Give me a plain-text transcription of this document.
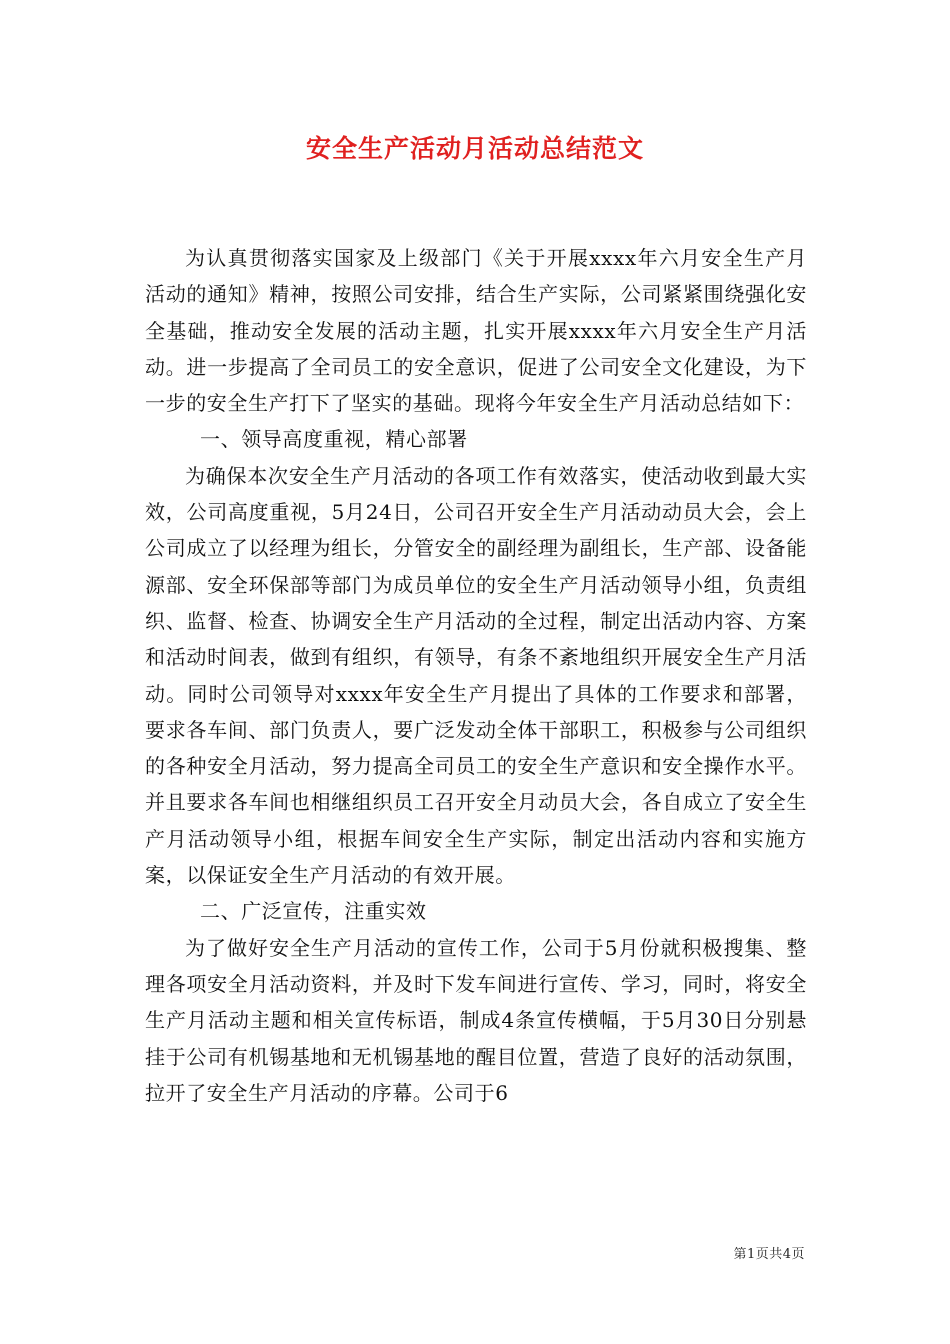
安全生产活动月活动总结范文

为认真贯彻落实国家及上级部门《关于开展xxxx年六月安全生产月活动的通知》精神，按照公司安排，结合生产实际，公司紧紧围绕强化安全基础，推动安全发展的活动主题，扎实开展xxxx年六月安全生产月活动。进一步提高了全司员工的安全意识，促进了公司安全文化建设，为下一步的安全生产打下了坚实的基础。现将今年安全生产月活动总结如下：

一、领导高度重视，精心部署

为确保本次安全生产月活动的各项工作有效落实，使活动收到最大实效，公司高度重视，5月24日，公司召开安全生产月活动动员大会，会上公司成立了以经理为组长，分管安全的副经理为副组长，生产部、设备能源部、安全环保部等部门为成员单位的安全生产月活动领导小组，负责组织、监督、检查、协调安全生产月活动的全过程，制定出活动内容、方案和活动时间表，做到有组织，有领导，有条不紊地组织开展安全生产月活动。同时公司领导对xxxx年安全生产月提出了具体的工作要求和部署，要求各车间、部门负责人，要广泛发动全体干部职工，积极参与公司组织的各种安全月活动，努力提高全司员工的安全生产意识和安全操作水平。并且要求各车间也相继组织员工召开安全月动员大会，各自成立了安全生产月活动领导小组，根据车间安全生产实际，制定出活动内容和实施方案，以保证安全生产月活动的有效开展。

二、广泛宣传，注重实效

为了做好安全生产月活动的宣传工作，公司于5月份就积极搜集、整理各项安全月活动资料，并及时下发车间进行宣传、学习，同时，将安全生产月活动主题和相关宣传标语，制成4条宣传横幅，于5月30日分别悬挂于公司有机锡基地和无机锡基地的醒目位置，营造了良好的活动氛围，拉开了安全生产月活动的序幕。公司于6

第1页共4页
